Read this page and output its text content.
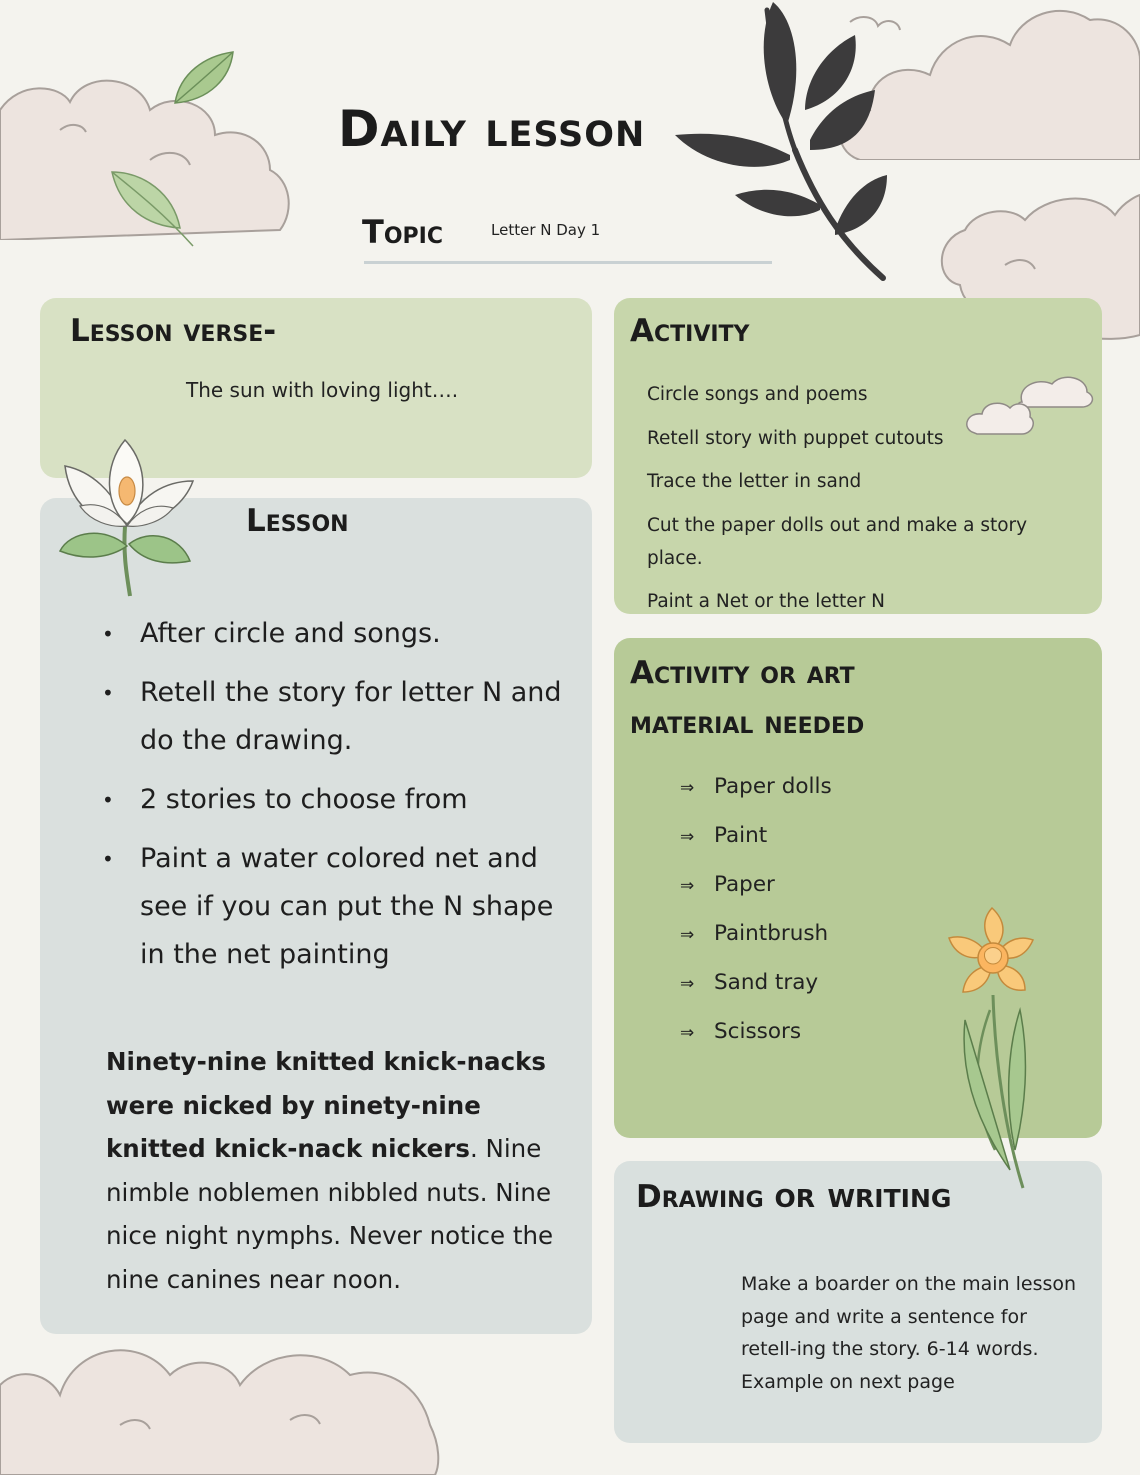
Daily lesson
Topic	Letter N Day 1
Lesson verse-
The sun with loving light….
Lesson
• After circle and songs.
• Retell the story for letter N and do the drawing.
• 2 stories to choose from
• Paint a water colored net and see if you can put the N shape in the net painting

Ninety-nine knitted knick-nacks were nicked by ninety-nine knitted knick-nack nickers. Nine nimble noblemen nibbled nuts. Nine nice night nymphs. Never notice the nine canines near noon.

Activity
Circle songs and poems
Retell story with puppet cutouts
Trace the letter in sand
Cut the paper dolls out and make a story place.
Paint a Net or the letter N
Activity or art
material needed
⇒ Paper dolls
⇒ Paint
⇒ Paper
⇒ Paintbrush
⇒ Sand tray
⇒ Scissors
Drawing or writing

Make a boarder on the main lesson page and write a sentence for retell-ing the story. 6-14 words. Example on next page
